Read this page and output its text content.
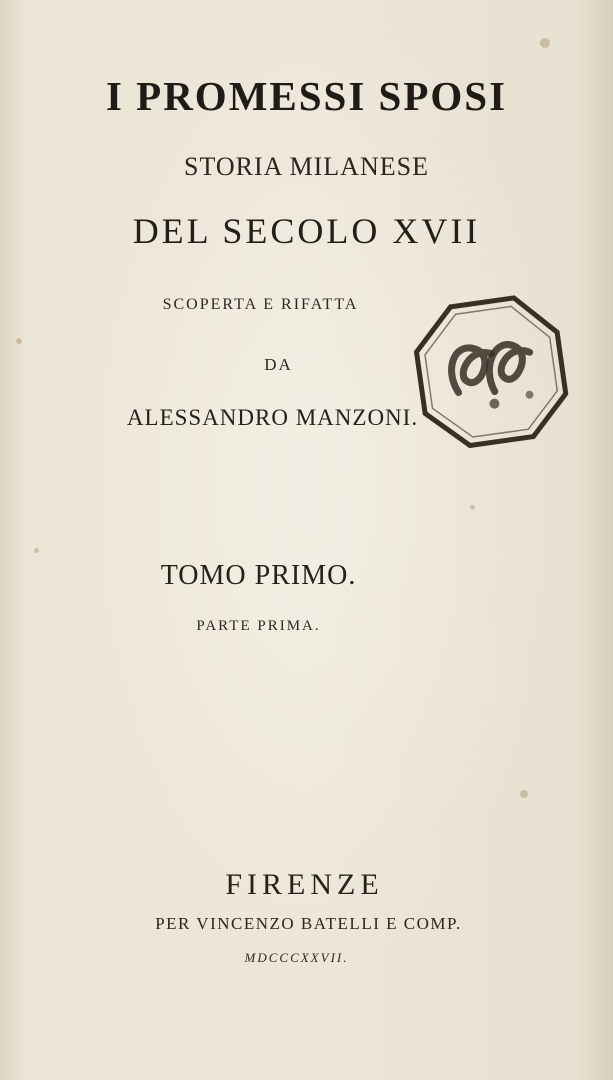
I PROMESSI SPOSI
STORIA MILANESE
DEL SECOLO XVII
SCOPERTA E RIFATTA
DA
ALESSANDRO MANZONI.
TOMO PRIMO.
PARTE PRIMA.
FIRENZE
PER VINCENZO BATELLI E COMP.
MDCCCXXVII.
